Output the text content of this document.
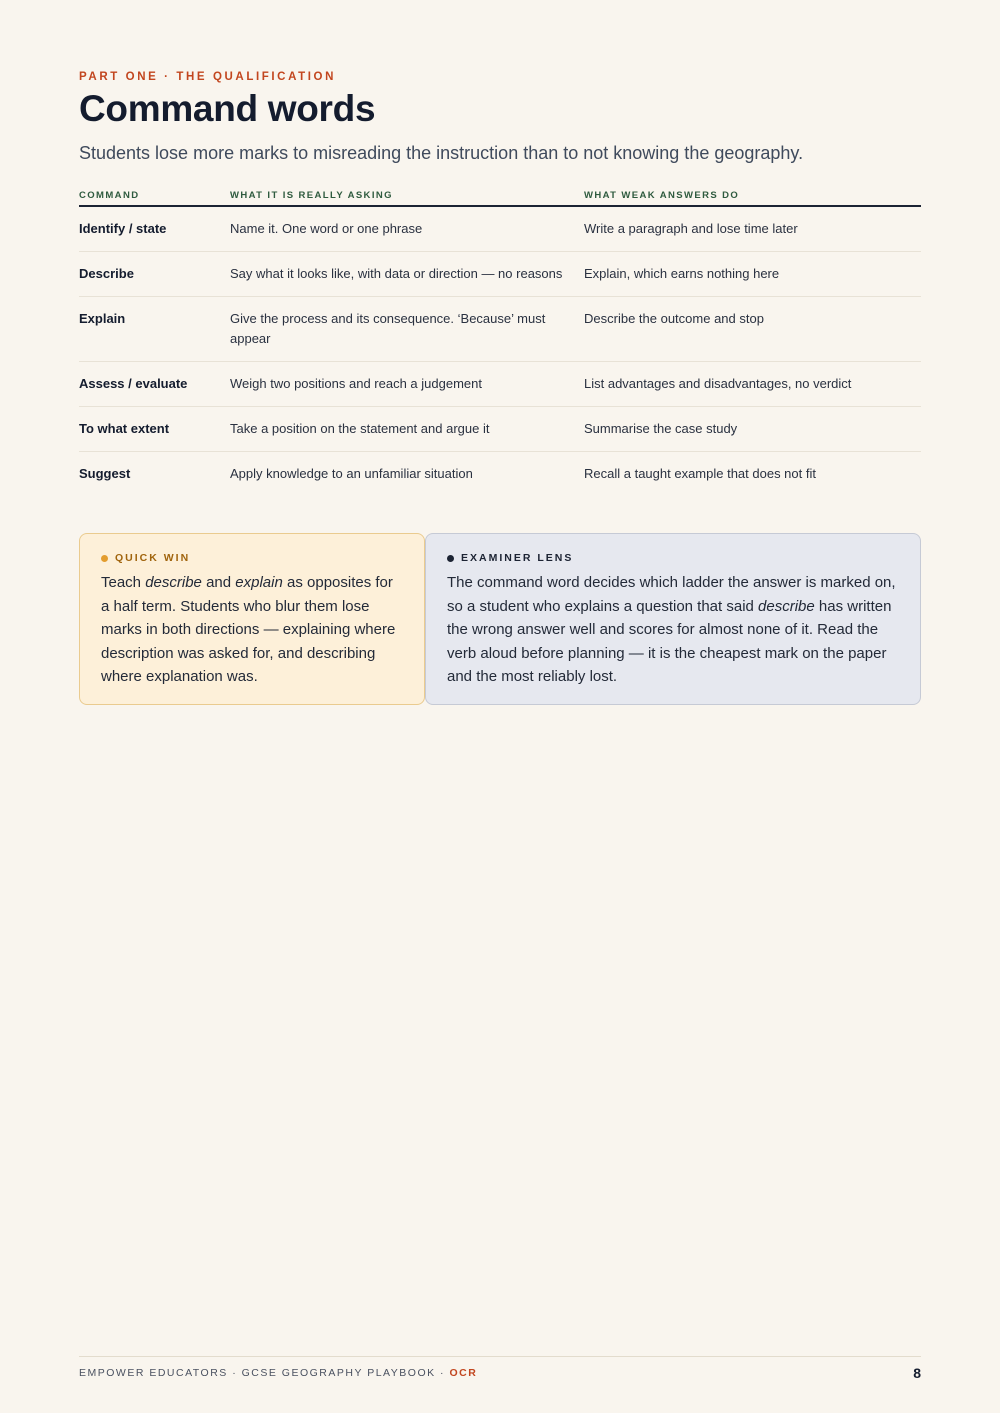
PART ONE · THE QUALIFICATION
Command words

Students lose more marks to misreading the instruction than to not knowing the geography.

COMMAND	WHAT IT IS REALLY ASKING	WHAT WEAK ANSWERS DO
Identify / state	Name it. One word or one phrase	Write a paragraph and lose time later
Describe	Say what it looks like, with data or direction — no reasons	Explain, which earns nothing here
Explain	Give the process and its consequence. ‘Because’ must appear	Describe the outcome and stop
Assess / evaluate	Weigh two positions and reach a judgement	List advantages and disadvantages, no verdict
To what extent	Take a position on the statement and argue it	Summarise the case study
Suggest	Apply knowledge to an unfamiliar situation	Recall a taught example that does not fit
QUICK WIN
Teach describe and explain as opposites for a half term. Students who blur them lose marks in both directions — explaining where description was asked for, and describing where explanation was.
EXAMINER LENS
The command word decides which ladder the answer is marked on, so a student who explains a question that said describe has written the wrong answer well and scores for almost none of it. Read the verb aloud before planning — it is the cheapest mark on the paper and the most reliably lost.
EMPOWER EDUCATORS · GCSE GEOGRAPHY PLAYBOOK · OCR	8
